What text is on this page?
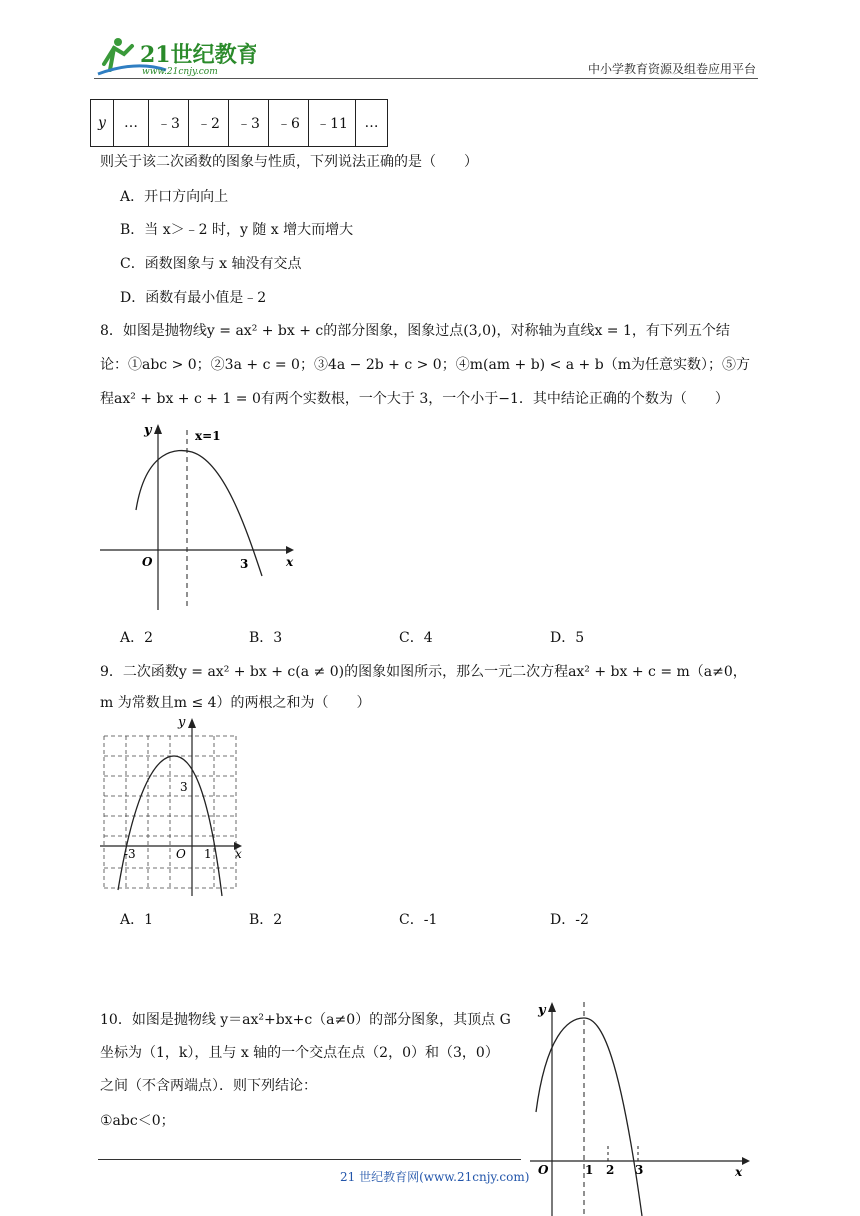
21世纪教育
www.21cnjy.com	中小学教育资源及组卷应用平台
y	…	﹣3	﹣2	﹣3	﹣6	﹣11	…
则关于该二次函数的图象与性质，下列说法正确的是（　　）
A．开口方向向上
B．当 x＞﹣2 时，y 随 x 增大而增大
C．函数图象与 x 轴没有交点
D．函数有最小值是﹣2
8．如图是抛物线y = ax² + bx + c的部分图象，图象过点(3,0)，对称轴为直线x = 1，有下列五个结
论：①abc > 0；②3a + c = 0；③4a − 2b + c > 0；④m(am + b) < a + b（m为任意实数）；⑤方
程ax² + bx + c + 1 = 0有两个实数根，一个大于 3，一个小于−1．其中结论正确的个数为（　　）
y
x
O	3
x=1
A．2	B．3	C．4	D．5
9．二次函数y = ax² + bx + c(a ≠ 0)的图象如图所示，那么一元二次方程ax² + bx + c = m（a≠0，
m 为常数且m ≤ 4）的两根之和为（　　）
y
x
O
3
-3	1
A．1	B．2	C．-1	D．-2
10．如图是抛物线 y＝ax²+bx+c（a≠0）的部分图象，其顶点 G
坐标为（1，k），且与 x 轴的一个交点在点（2，0）和（3，0）
之间（不含两端点）．则下列结论：
①abc＜0；
y
x
O	1 2 3
21 世纪教育网(www.21cnjy.com)
